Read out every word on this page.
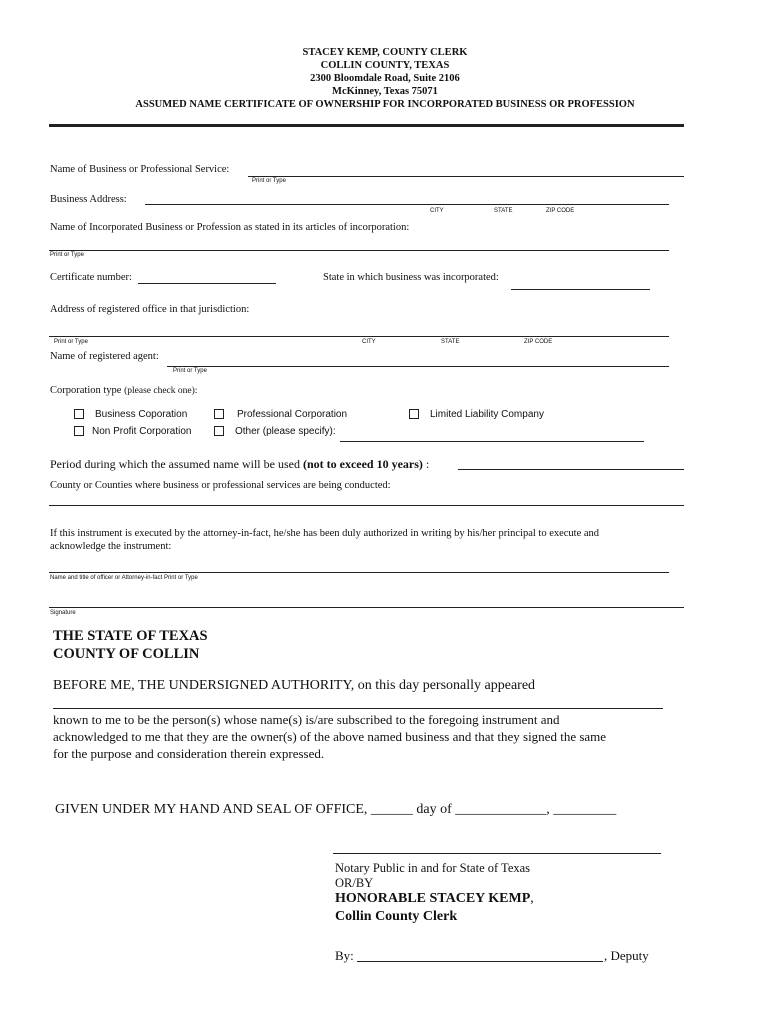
STACEY KEMP, COUNTY CLERK
COLLIN COUNTY, TEXAS
2300 Bloomdale Road, Suite 2106
McKinney, Texas 75071
ASSUMED NAME CERTIFICATE OF OWNERSHIP FOR INCORPORATED BUSINESS OR PROFESSION
Name of Business or Professional Service:
Print or Type
Business Address:
CITY	STATE	ZIP CODE
Name of Incorporated Business or Profession as stated in its articles of incorporation:
Print or Type
Certificate number:	State in which business was incorporated:
Address of registered office in that jurisdiction:
Print or Type	CITY	STATE	ZIP CODE
Name of registered agent:
Print or Type
Corporation type (please check one):
Business Coporation	Professional Corporation	Limited Liability Company
Non Profit Corporation	Other (please specify):
Period during which the assumed name will be used (not to exceed 10 years) :
County or Counties where business or professional services are being conducted:
If this instrument is executed by the attorney-in-fact, he/she has been duly authorized in writing by his/her principal to execute and
acknowledge the instrument:
Name and title of officer or Attorney-in-fact Print or Type
Signature
THE STATE OF TEXAS
COUNTY OF COLLIN
BEFORE ME, THE UNDERSIGNED AUTHORITY, on this day personally appeared
known to me to be the person(s) whose name(s) is/are subscribed to the foregoing instrument and
acknowledged to me that they are the owner(s) of the above named business and that they signed the same
for the purpose and consideration therein expressed.
GIVEN UNDER MY HAND AND SEAL OF OFFICE, ______ day of _____________, _________
Notary Public in and for State of Texas
OR/BY
HONORABLE STACEY KEMP,
Collin County Clerk
By:	, Deputy
